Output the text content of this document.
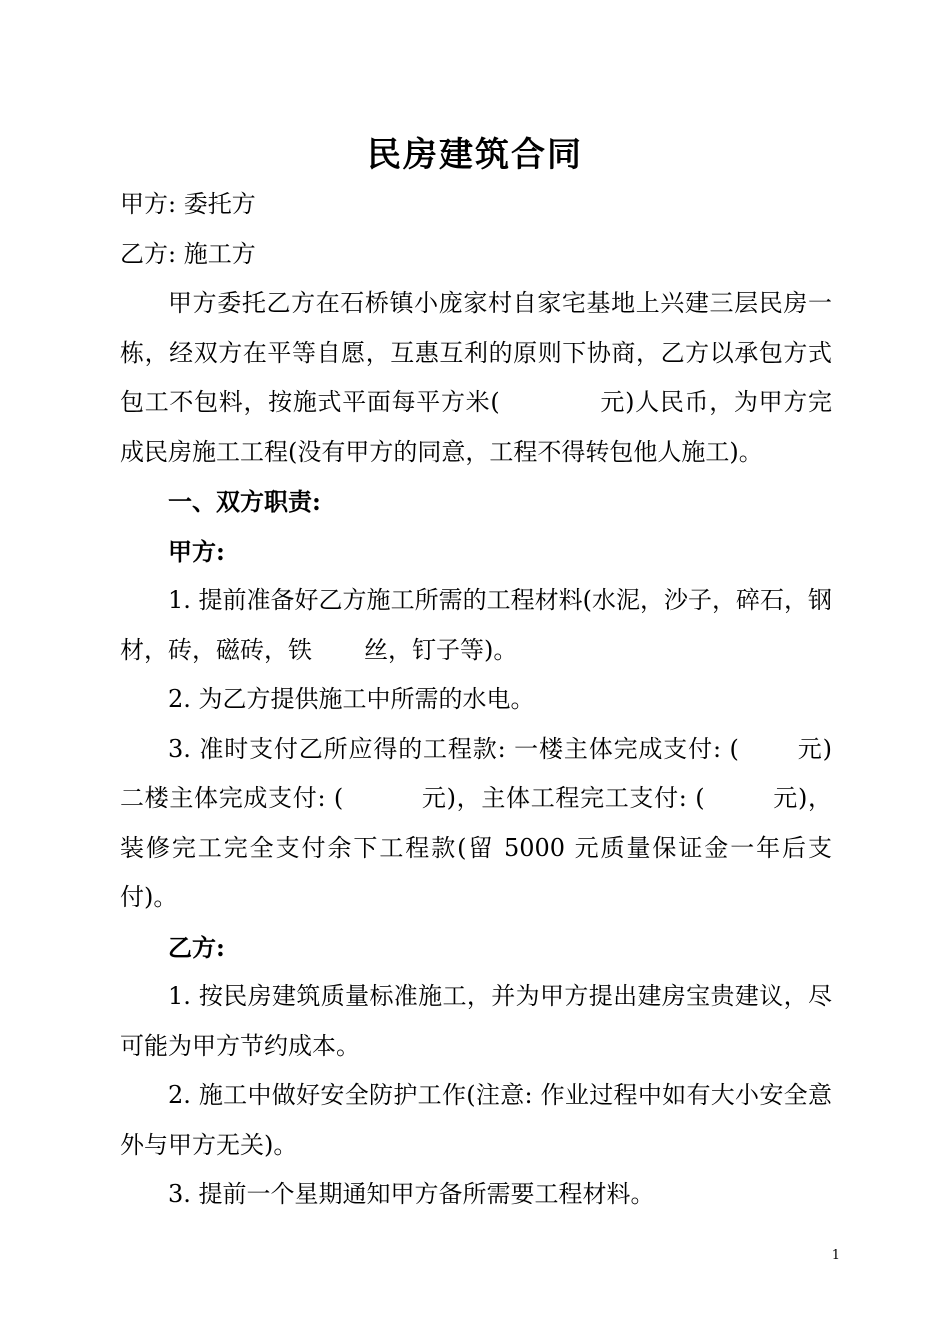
民房建筑合同

甲方: 委托方

乙方: 施工方

甲方委托乙方在石桥镇小庞家村自家宅基地上兴建三层民房一栋，经双方在平等自愿，互惠互利的原则下协商，乙方以承包方式包工不包料，按施式平面每平方米(	元)人民币，为甲方完成民房施工工程(没有甲方的同意，工程不得转包他人施工)。

一、双方职责:

甲方:

1. 提前准备好乙方施工所需的工程材料(水泥，沙子，碎石，钢材，砖，磁砖，铁 丝，钉子等)。

2. 为乙方提供施工中所需的水电。

3. 准时支付乙所应得的工程款: 一楼主体完成支付: ( 元)二楼主体完成支付: (	元)，主体工程完工支付: (	元)，装修完工完全支付余下工程款(留 5000 元质量保证金一年后支付)。

乙方:

1. 按民房建筑质量标准施工，并为甲方提出建房宝贵建议，尽可能为甲方节约成本。

2. 施工中做好安全防护工作(注意: 作业过程中如有大小安全意外与甲方无关)。

3. 提前一个星期通知甲方备所需要工程材料。

1
